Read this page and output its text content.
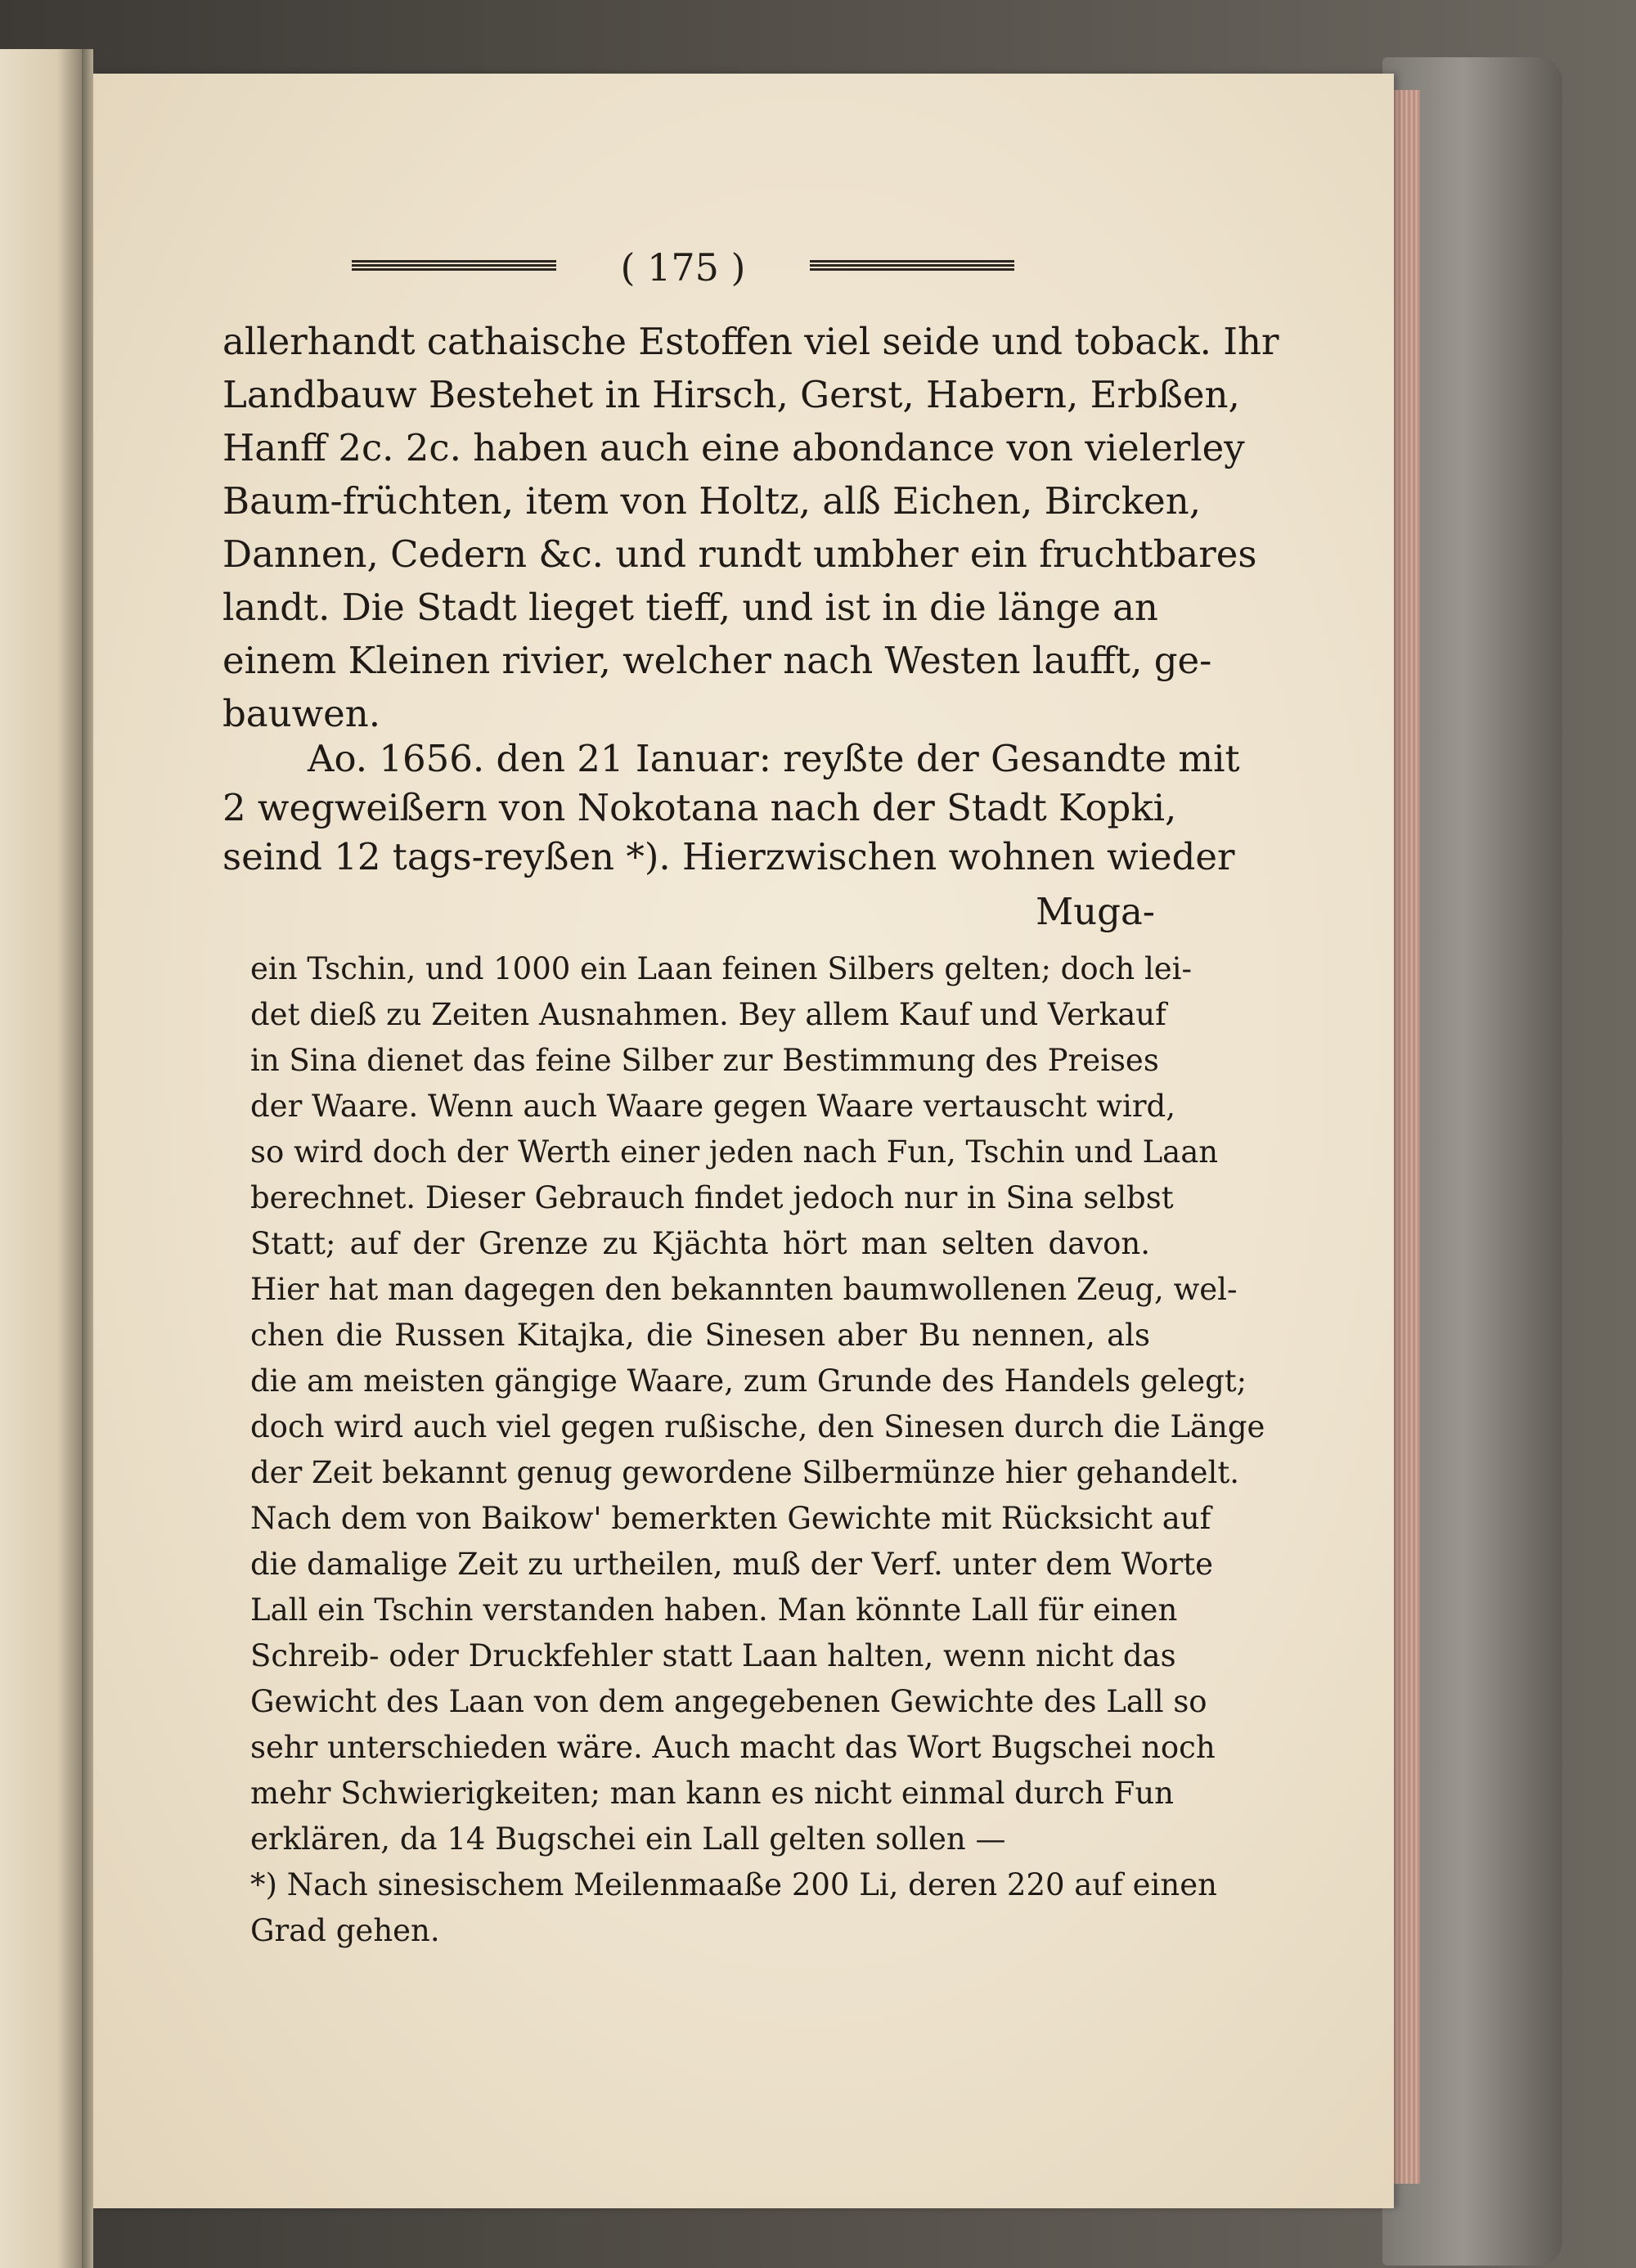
( 175 )
allerhandt cathaische Estoffen viel seide und toback. Ihr
Landbauw Bestehet in Hirsch, Gerst, Habern, Erbßen,
Hanff 2c. 2c. haben auch eine abondance von vielerley
Baum-früchten, item von Holtz, alß Eichen, Bircken,
Dannen, Cedern &c. und rundt umbher ein fruchtbares
landt. Die Stadt lieget tieff, und ist in die länge an
einem Kleinen rivier, welcher nach Westen laufft, ge-
bauwen.
Ao. 1656. den 21 Ianuar: reyßte der Gesandte mit
2 wegweißern von Nokotana nach der Stadt Kopki,
seind 12 tags-reyßen *). Hierzwischen wohnen wieder
Muga-
ein Tschin, und 1000 ein Laan feinen Silbers gelten; doch lei-
det dieß zu Zeiten Ausnahmen. Bey allem Kauf und Verkauf
in Sina dienet das feine Silber zur Bestimmung des Preises
der Waare. Wenn auch Waare gegen Waare vertauscht wird,
so wird doch der Werth einer jeden nach Fun, Tschin und Laan
berechnet. Dieser Gebrauch findet jedoch nur in Sina selbst
Statt; auf der Grenze zu Kjächta hört man selten davon.
Hier hat man dagegen den bekannten baumwollenen Zeug, wel-
chen die Russen Kitajka, die Sinesen aber Bu nennen, als
die am meisten gängige Waare, zum Grunde des Handels gelegt;
doch wird auch viel gegen rußische, den Sinesen durch die Länge
der Zeit bekannt genug gewordene Silbermünze hier gehandelt.
Nach dem von Baikow' bemerkten Gewichte mit Rücksicht auf
die damalige Zeit zu urtheilen, muß der Verf. unter dem Worte
Lall ein Tschin verstanden haben. Man könnte Lall für einen
Schreib- oder Druckfehler statt Laan halten, wenn nicht das
Gewicht des Laan von dem angegebenen Gewichte des Lall so
sehr unterschieden wäre. Auch macht das Wort Bugschei noch
mehr Schwierigkeiten; man kann es nicht einmal durch Fun
erklären, da 14 Bugschei ein Lall gelten sollen —
*) Nach sinesischem Meilenmaaße 200 Li, deren 220 auf einen
Grad gehen.
